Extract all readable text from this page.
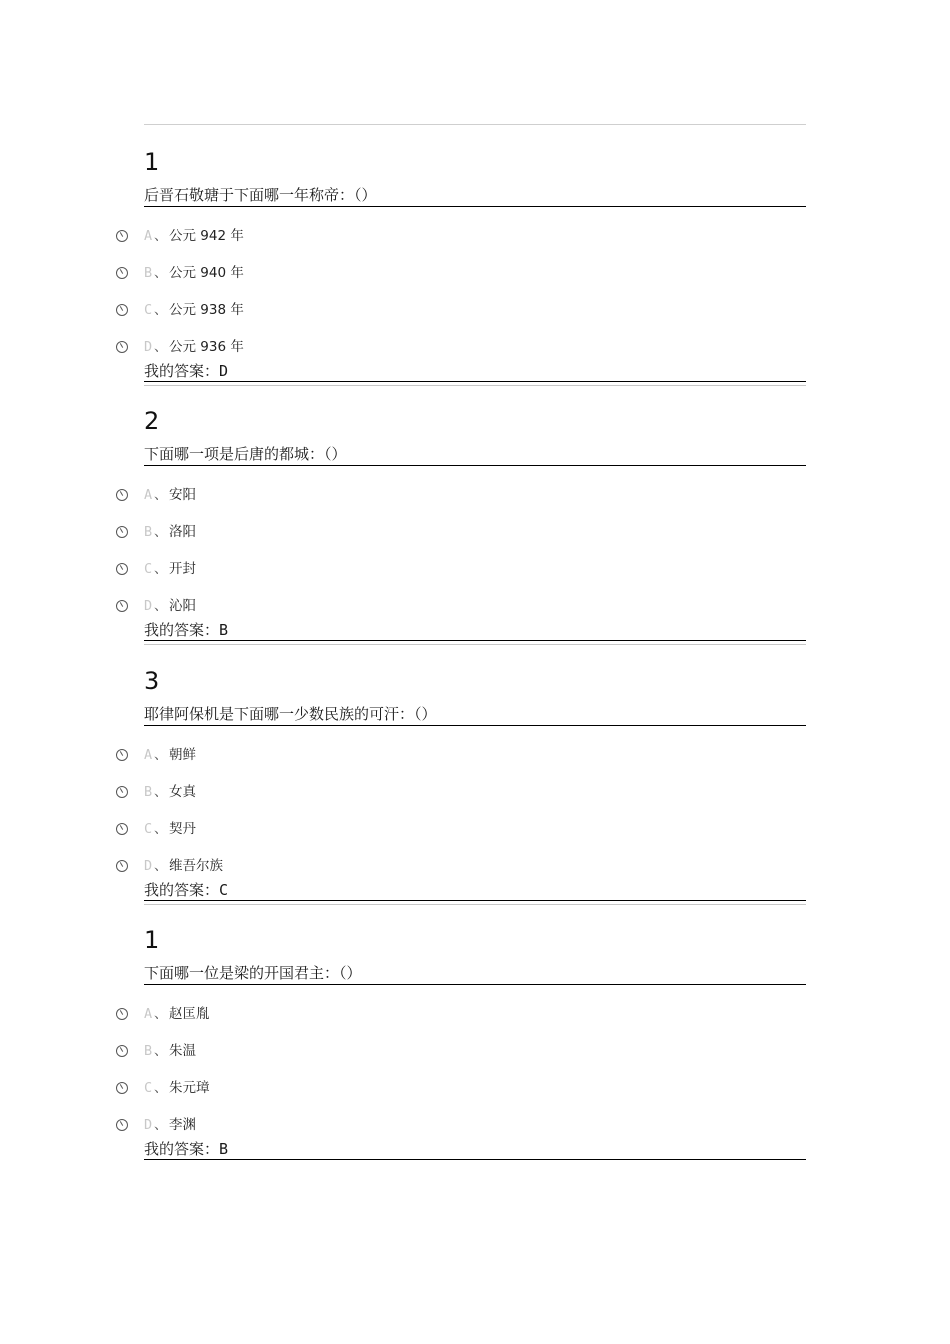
1
后晋石敬瑭于下面哪一年称帝：（）
A 、 公元 942 年
B 、 公元 940 年
C 、 公元 938 年
D 、 公元 936 年
我的答案：D
2
下面哪一项是后唐的都城：（）
A 、 安阳
B 、 洛阳
C 、 开封
D 、 沁阳
我的答案：B
3
耶律阿保机是下面哪一少数民族的可汗：（）
A 、 朝鲜
B 、 女真
C 、 契丹
D 、 维吾尔族
我的答案：C
1
下面哪一位是梁的开国君主：（）
A 、 赵匡胤
B 、 朱温
C 、 朱元璋
D 、 李渊
我的答案：B
